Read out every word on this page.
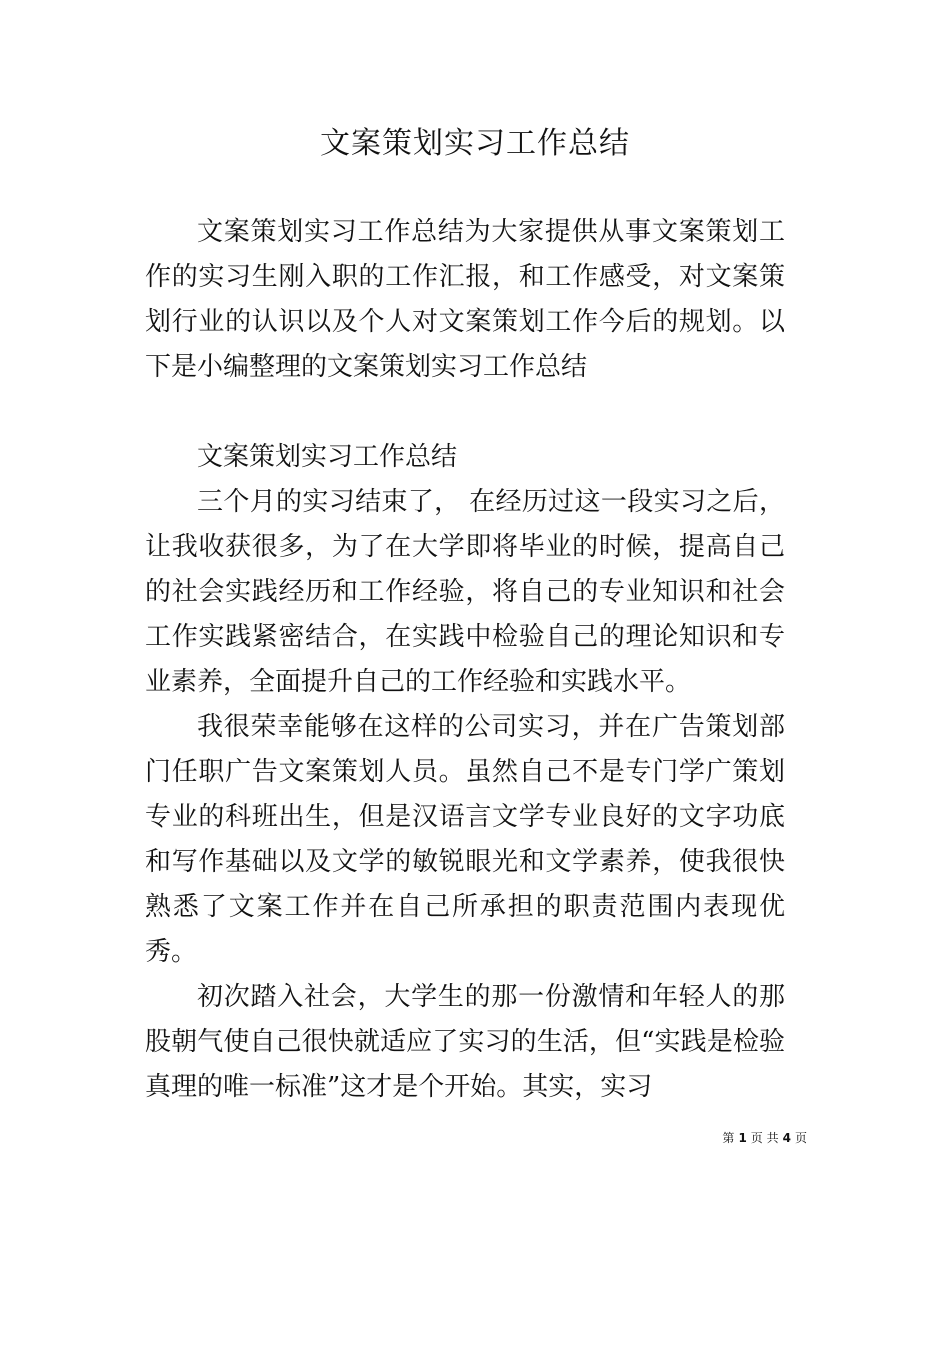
文案策划实习工作总结

文案策划实习工作总结为大家提供从事文案策划工作的实习生刚入职的工作汇报，和工作感受，对文案策划行业的认识以及个人对文案策划工作今后的规划。以下是小编整理的文案策划实习工作总结

文案策划实习工作总结

三个月的实习结束了， 在经历过这一段实习之后，让我收获很多，为了在大学即将毕业的时候，提高自己的社会实践经历和工作经验，将自己的专业知识和社会工作实践紧密结合，在实践中检验自己的理论知识和专业素养，全面提升自己的工作经验和实践水平。

我很荣幸能够在这样的公司实习，并在广告策划部门任职广告文案策划人员。虽然自己不是专门学广策划专业的科班出生，但是汉语言文学专业良好的文字功底和写作基础以及文学的敏锐眼光和文学素养，使我很快熟悉了文案工作并在自己所承担的职责范围内表现优秀。

初次踏入社会，大学生的那一份激情和年轻人的那股朝气使自己很快就适应了实习的生活，但“实践是检验真理的唯一标准”这才是个开始。其实，实习

第 1 页 共 4 页
